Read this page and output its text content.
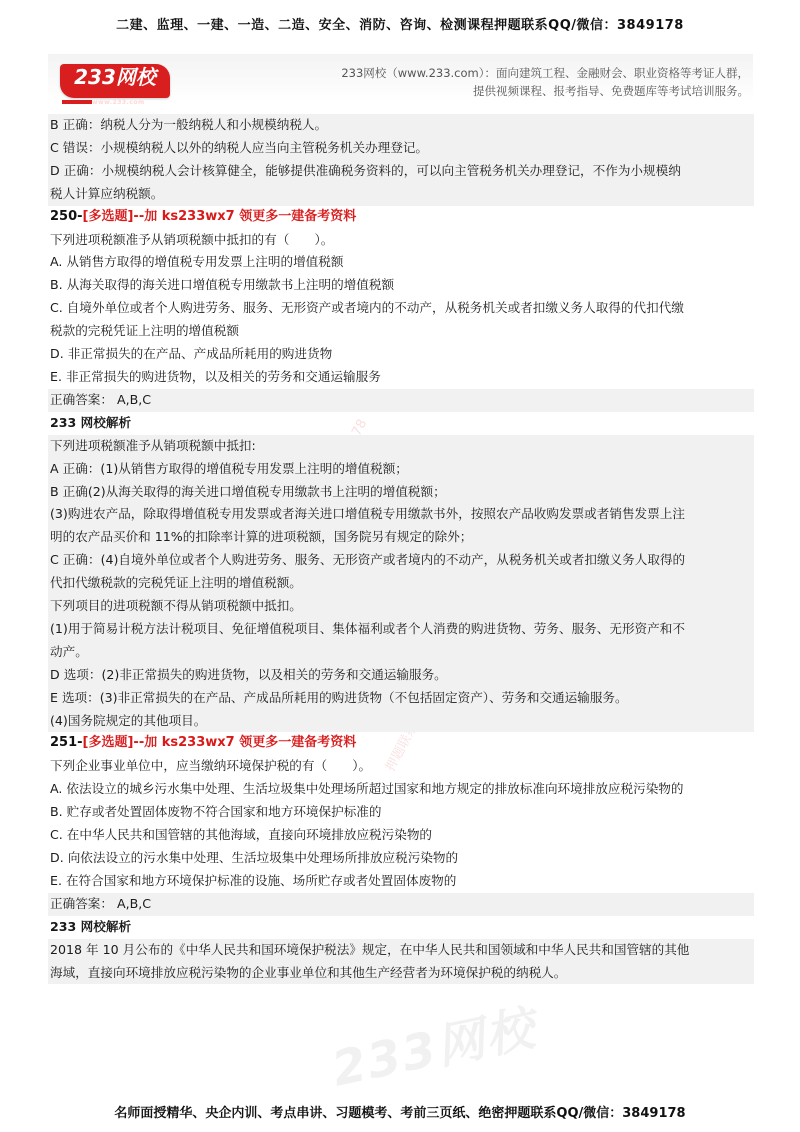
二建、监理、一建、一造、二造、安全、消防、咨询、检测课程押题联系QQ/微信：3849178
233网校
www.233.com
233网校（www.233.com）：面向建筑工程、金融财会、职业资格等考证人群，
提供视频课程、报考指导、免费题库等考试培训服务。
233网校
B 正确：纳税人分为一般纳税人和小规模纳税人。
C 错误：小规模纳税人以外的纳税人应当向主管税务机关办理登记。
D 正确：小规模纳税人会计核算健全，能够提供准确税务资料的，可以向主管税务机关办理登记，不作为小规模纳
税人计算应纳税额。
250-[多选题]--加 ks233wx7 领更多一建备考资料
下列进项税额准予从销项税额中抵扣的有（　　）。
A. 从销售方取得的增值税专用发票上注明的增值税额
B. 从海关取得的海关进口增值税专用缴款书上注明的增值税额
C. 自境外单位或者个人购进劳务、服务、无形资产或者境内的不动产，从税务机关或者扣缴义务人取得的代扣代缴
税款的完税凭证上注明的增值税额
D. 非正常损失的在产品、产成品所耗用的购进货物
E. 非正常损失的购进货物，以及相关的劳务和交通运输服务
正确答案： A,B,C
233 网校解析
下列进项税额准予从销项税额中抵扣:
A 正确：(1)从销售方取得的增值税专用发票上注明的增值税额；
B 正确(2)从海关取得的海关进口增值税专用缴款书上注明的增值税额；
(3)购进农产品，除取得增值税专用发票或者海关进口增值税专用缴款书外，按照农产品收购发票或者销售发票上注
明的农产品买价和 11%的扣除率计算的进项税额，国务院另有规定的除外；
C 正确：(4)自境外单位或者个人购进劳务、服务、无形资产或者境内的不动产，从税务机关或者扣缴义务人取得的
代扣代缴税款的完税凭证上注明的增值税额。
下列项目的进项税额不得从销项税额中抵扣。
(1)用于简易计税方法计税项目、免征增值税项目、集体福利或者个人消费的购进货物、劳务、服务、无形资产和不
动产。
D 选项：(2)非正常损失的购进货物，以及相关的劳务和交通运输服务。
E 选项：(3)非正常损失的在产品、产成品所耗用的购进货物（不包括固定资产）、劳务和交通运输服务。
(4)国务院规定的其他项目。
251-[多选题]--加 ks233wx7 领更多一建备考资料
下列企业事业单位中，应当缴纳环境保护税的有（　　）。
A. 依法设立的城乡污水集中处理、生活垃圾集中处理场所超过国家和地方规定的排放标准向环境排放应税污染物的
B. 贮存或者处置固体废物不符合国家和地方环境保护标准的
C. 在中华人民共和国管辖的其他海域，直接向环境排放应税污染物的
D. 向依法设立的污水集中处理、生活垃圾集中处理场所排放应税污染物的
E. 在符合国家和地方环境保护标准的设施、场所贮存或者处置固体废物的
正确答案： A,B,C
233 网校解析
2018 年 10 月公布的《中华人民共和国环境保护税法》规定，在中华人民共和国领域和中华人民共和国管辖的其他
海域，直接向环境排放应税污染物的企业事业单位和其他生产经营者为环境保护税的纳税人。
名师面授精华、央企内训、考点串讲、习题模考、考前三页纸、绝密押题联系QQ/微信：3849178
